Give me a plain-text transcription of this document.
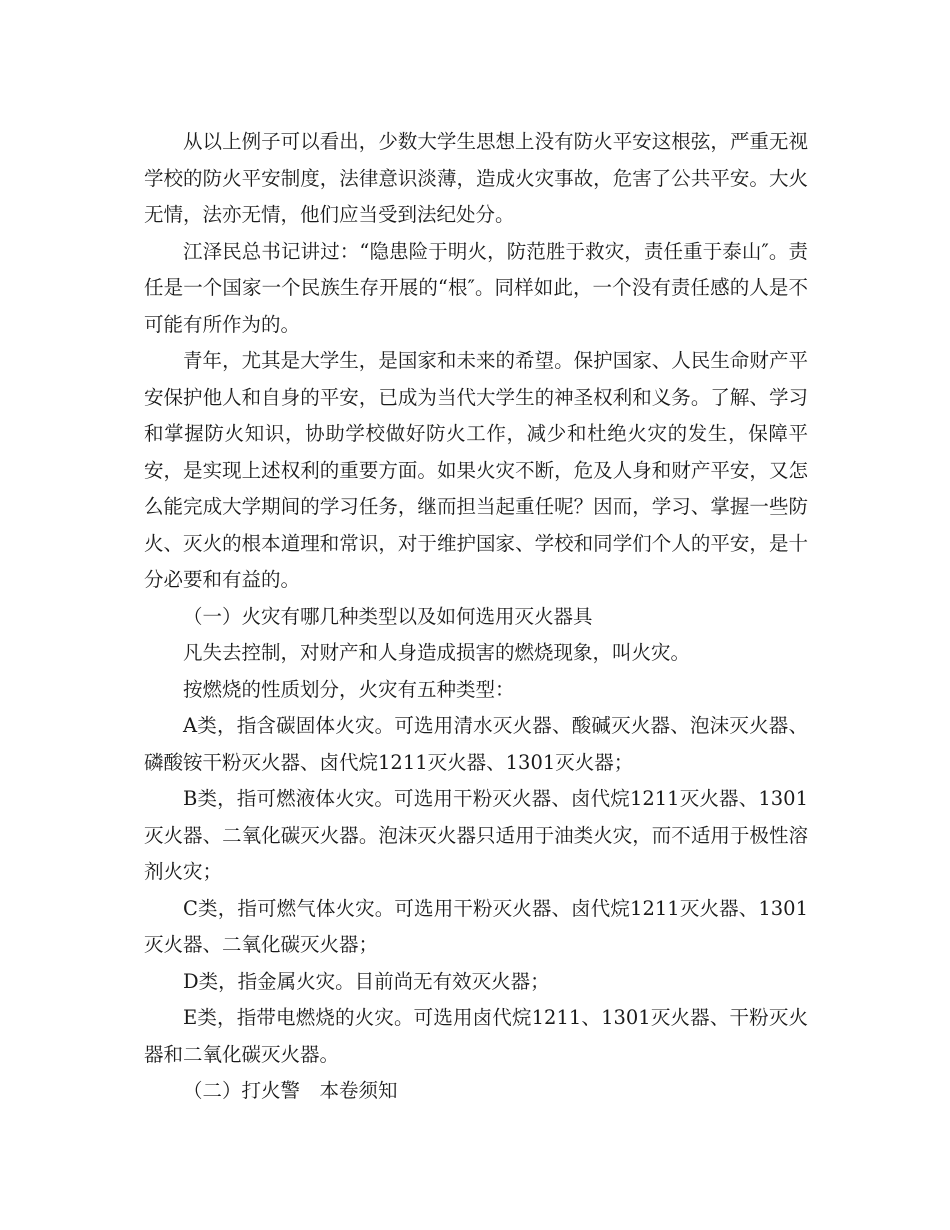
从以上例子可以看出，少数大学生思想上没有防火平安这根弦，严重无视学校的防火平安制度，法律意识淡薄，造成火灾事故，危害了公共平安。大火无情，法亦无情，他们应当受到法纪处分。

江泽民总书记讲过：“隐患险于明火，防范胜于救灾，责任重于泰山″。责任是一个国家一个民族生存开展的“根″。同样如此，一个没有责任感的人是不可能有所作为的。

青年，尤其是大学生，是国家和未来的希望。保护国家、人民生命财产平安保护他人和自身的平安，已成为当代大学生的神圣权利和义务。了解、学习和掌握防火知识，协助学校做好防火工作，减少和杜绝火灾的发生，保障平安，是实现上述权利的重要方面。如果火灾不断，危及人身和财产平安，又怎么能完成大学期间的学习任务，继而担当起重任呢？因而，学习、掌握一些防火、灭火的根本道理和常识，对于维护国家、学校和同学们个人的平安，是十分必要和有益的。

（一）火灾有哪几种类型以及如何选用灭火器具

凡失去控制，对财产和人身造成损害的燃烧现象，叫火灾。

按燃烧的性质划分，火灾有五种类型：

A类，指含碳固体火灾。可选用清水灭火器、酸碱灭火器、泡沫灭火器、磷酸铵干粉灭火器、卤代烷1211灭火器、1301灭火器；

B类，指可燃液体火灾。可选用干粉灭火器、卤代烷1211灭火器、1301灭火器、二氧化碳灭火器。泡沫灭火器只适用于油类火灾，而不适用于极性溶剂火灾；

C类，指可燃气体火灾。可选用干粉灭火器、卤代烷1211灭火器、1301灭火器、二氧化碳灭火器；

D类，指金属火灾。目前尚无有效灭火器；

E类，指带电燃烧的火灾。可选用卤代烷1211、1301灭火器、干粉灭火器和二氧化碳灭火器。

（二）打火警　本卷须知
